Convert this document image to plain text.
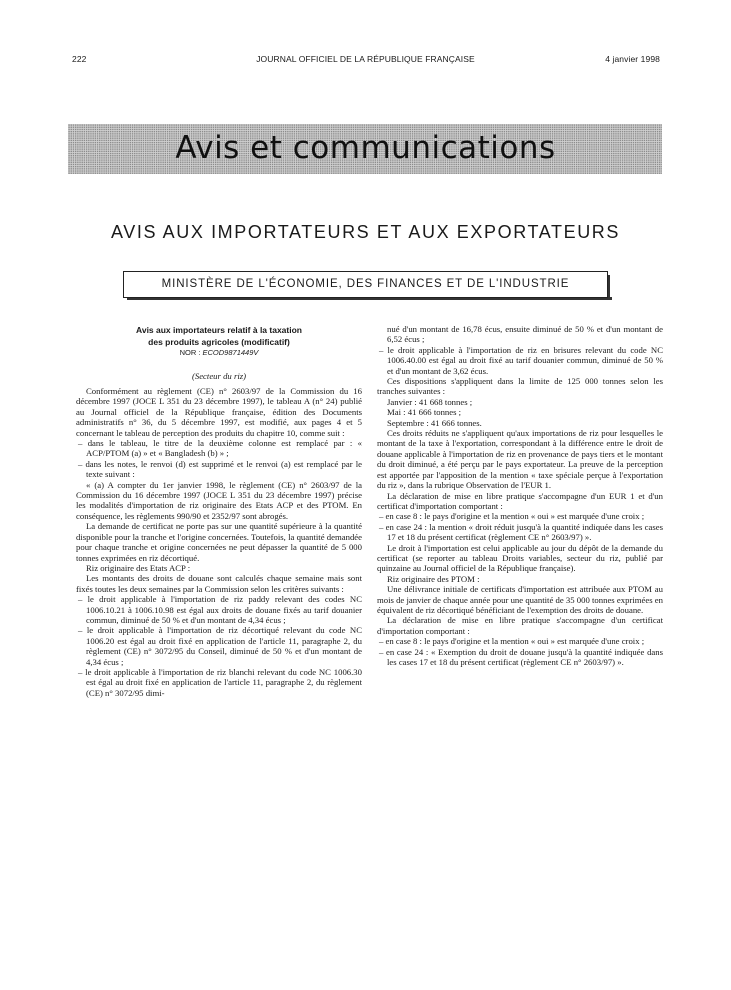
222	JOURNAL OFFICIEL DE LA RÉPUBLIQUE FRANÇAISE	4 janvier 1998
Avis et communications
AVIS AUX IMPORTATEURS ET AUX EXPORTATEURS
MINISTÈRE DE L'ÉCONOMIE, DES FINANCES ET DE L'INDUSTRIE

Avis aux importateurs relatif à la taxation

des produits agricoles (modificatif)

NOR : ECOD9871449V

(Secteur du riz)

Conformément au règlement (CE) n° 2603/97 de la Commission du 16 décembre 1997 (JOCE L 351 du 23 décembre 1997), le tableau A (n° 24) publié au Journal officiel de la République française, édition des Documents administratifs n° 36, du 5 décembre 1997, est modifié, aux pages 4 et 5 concernant le tableau de perception des produits du chapitre 10, comme suit :

– dans le tableau, le titre de la deuxième colonne est remplacé par : « ACP/PTOM (a) » et « Bangladesh (b) » ;

– dans les notes, le renvoi (d) est supprimé et le renvoi (a) est remplacé par le texte suivant :

« (a) A compter du 1er janvier 1998, le règlement (CE) n° 2603/97 de la Commission du 16 décembre 1997 (JOCE L 351 du 23 décembre 1997) précise les modalités d'importation de riz originaire des Etats ACP et des PTOM. En conséquence, les règlements 990/90 et 2352/97 sont abrogés.

La demande de certificat ne porte pas sur une quantité supérieure à la quantité disponible pour la tranche et l'origine concernées. Toutefois, la quantité demandée pour chaque tranche et origine concernées ne peut dépasser la quantité de 5 000 tonnes exprimées en riz décortiqué.

Riz originaire des Etats ACP :

Les montants des droits de douane sont calculés chaque semaine mais sont fixés toutes les deux semaines par la Commission selon les critères suivants :

– le droit applicable à l'importation de riz paddy relevant des codes NC 1006.10.21 à 1006.10.98 est égal aux droits de douane fixés au tarif douanier commun, diminué de 50 % et d'un montant de 4,34 écus ;

– le droit applicable à l'importation de riz décortiqué relevant du code NC 1006.20 est égal au droit fixé en application de l'article 11, paragraphe 2, du règlement (CE) n° 3072/95 du Conseil, diminué de 50 % et d'un montant de 4,34 écus ;

– le droit applicable à l'importation de riz blanchi relevant du code NC 1006.30 est égal au droit fixé en application de l'article 11, paragraphe 2, du règlement (CE) n° 3072/95 dimi-

nué d'un montant de 16,78 écus, ensuite diminué de 50 % et d'un montant de 6,52 écus ;

– le droit applicable à l'importation de riz en brisures relevant du code NC 1006.40.00 est égal au droit fixé au tarif douanier commun, diminué de 50 % et d'un montant de 3,62 écus.

Ces dispositions s'appliquent dans la limite de 125 000 tonnes selon les tranches suivantes :

Janvier : 41 668 tonnes ;

Mai : 41 666 tonnes ;

Septembre : 41 666 tonnes.

Ces droits réduits ne s'appliquent qu'aux importations de riz pour lesquelles le montant de la taxe à l'exportation, correspondant à la différence entre le droit de douane applicable à l'importation de riz en provenance de pays tiers et le montant du droit diminué, a été perçu par le pays exportateur. La preuve de la perception est apportée par l'apposition de la mention « taxe spéciale perçue à l'exportation du riz », dans la rubrique Observation de l'EUR 1.

La déclaration de mise en libre pratique s'accompagne d'un EUR 1 et d'un certificat d'importation comportant :

– en case 8 : le pays d'origine et la mention « oui » est marquée d'une croix ;

– en case 24 : la mention « droit réduit jusqu'à la quantité indiquée dans les cases 17 et 18 du présent certificat (règlement CE n° 2603/97) ».

Le droit à l'importation est celui applicable au jour du dépôt de la demande du certificat (se reporter au tableau Droits variables, secteur du riz, publié par quinzaine au Journal officiel de la République française).

Riz originaire des PTOM :

Une délivrance initiale de certificats d'importation est attribuée aux PTOM au mois de janvier de chaque année pour une quantité de 35 000 tonnes exprimées en équivalent de riz décortiqué bénéficiant de l'exemption des droits de douane.

La déclaration de mise en libre pratique s'accompagne d'un certificat d'importation comportant :

– en case 8 : le pays d'origine et la mention « oui » est marquée d'une croix ;

– en case 24 : « Exemption du droit de douane jusqu'à la quantité indiquée dans les cases 17 et 18 du présent certificat (règlement CE n° 2603/97) ».
